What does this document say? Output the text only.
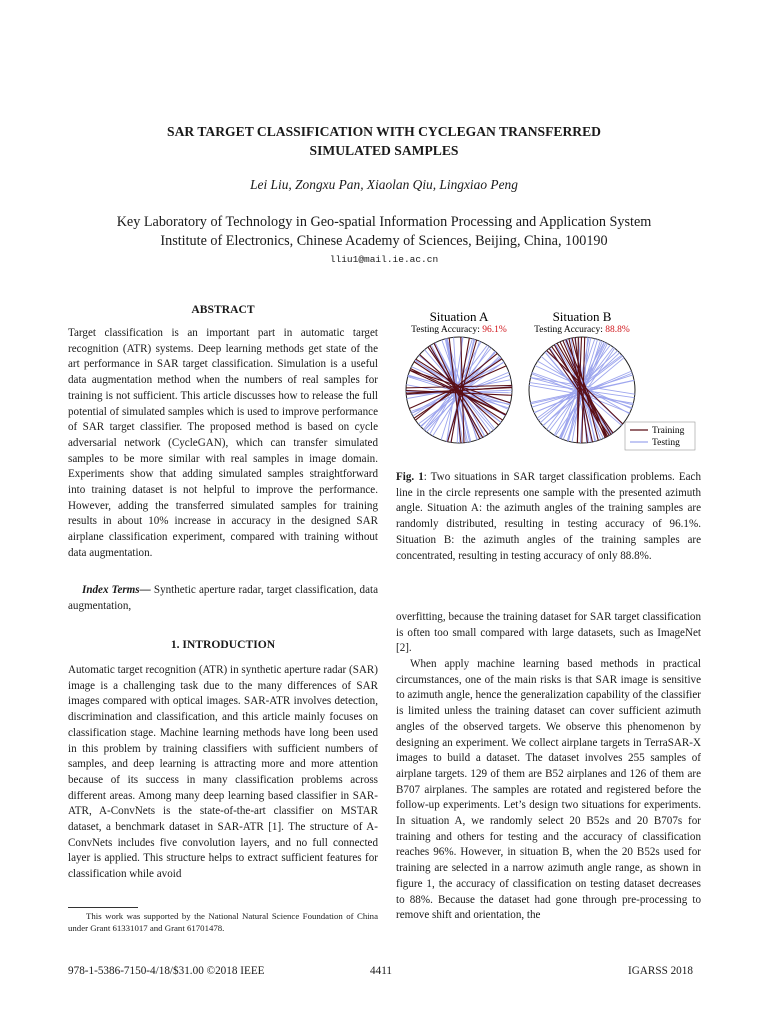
SAR TARGET CLASSIFICATION WITH CYCLEGAN TRANSFERRED
SIMULATED SAMPLES
Lei Liu, Zongxu Pan, Xiaolan Qiu, Lingxiao Peng
Key Laboratory of Technology in Geo-spatial Information Processing and Application System
Institute of Electronics, Chinese Academy of Sciences, Beijing, China, 100190
lliu1@mail.ie.ac.cn
ABSTRACT
Target classification is an important part in automatic target recognition (ATR) systems. Deep learning methods get state of the art performance in SAR target classification. Simulation is a useful data augmentation method when the numbers of real samples for training is not sufficient. This article discusses how to release the full potential of simulated samples which is used to improve performance of SAR target classifier. The proposed method is based on cycle adversarial network (CycleGAN), which can transfer simulated samples to be more similar with real samples in image domain. Experiments show that adding simulated samples straightforward into training dataset is not helpful to improve the performance. However, adding the transferred simulated samples for training results in about 10% increase in accuracy in the designed SAR airplane classification experiment, compared with training without data augmentation.
Index Terms— Synthetic aperture radar, target classification, data augmentation,
1. INTRODUCTION
Automatic target recognition (ATR) in synthetic aperture radar (SAR) image is a challenging task due to the many differences of SAR images compared with optical images. SAR-ATR involves detection, discrimination and classification, and this article mainly focuses on classification stage. Machine learning methods have long been used in this problem by training classifiers with sufficient numbers of samples, and deep learning is attracting more and more attention because of its success in many classification problems across different areas. Among many deep learning based classifier in SAR-ATR, A-ConvNets is the state-of-the-art classifier on MSTAR dataset, a benchmark dataset in SAR-ATR [1]. The structure of A-ConvNets includes five convolution layers, and no full connected layer is applied. This structure helps to extract sufficient features for classification while avoid
This work was supported by the National Natural Science Foundation of China under Grant 61331017 and Grant 61701478.
Situation A	Situation B
Testing Accuracy: 96.1%	Testing Accuracy: 88.8%
Training
Testing
Fig. 1: Two situations in SAR target classification problems. Each line in the circle represents one sample with the presented azimuth angle. Situation A: the azimuth angles of the training samples are randomly distributed, resulting in testing accuracy of 96.1%. Situation B: the azimuth angles of the training samples are concentrated, resulting in testing accuracy of only 88.8%.
overfitting, because the training dataset for SAR target classification is often too small compared with large datasets, such as ImageNet [2].
When apply machine learning based methods in practical circumstances, one of the main risks is that SAR image is sensitive to azimuth angle, hence the generalization capability of the classifier is limited unless the training dataset can cover sufficient azimuth angles of the observed targets. We observe this phenomenon by designing an experiment. We collect airplane targets in TerraSAR-X images to build a dataset. The dataset involves 255 samples of airplane targets. 129 of them are B52 airplanes and 126 of them are B707 airplanes. The samples are rotated and registered before the follow-up experiments. Let’s design two situations for experiments. In situation A, we randomly select 20 B52s and 20 B707s for training and others for testing and the accuracy of classification reaches 96%. However, in situation B, when the 20 B52s used for training are selected in a narrow azimuth angle range, as shown in figure 1, the accuracy of classification on testing dataset decreases to 88%. Because the dataset had gone through pre-processing to remove shift and orientation, the
978-1-5386-7150-4/18/$31.00 ©2018 IEEE	4411	IGARSS 2018
